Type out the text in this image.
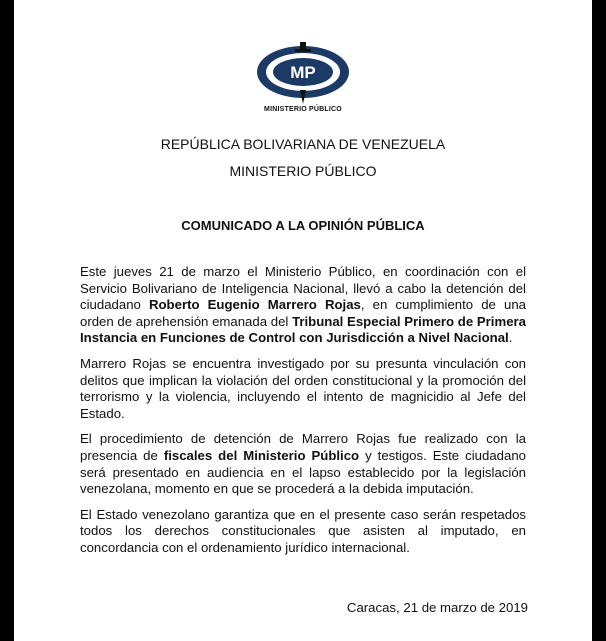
MP
MINISTERIO PÚBLICO
REPÚBLICA BOLIVARIANA DE VENEZUELA
MINISTERIO PÚBLICO
COMUNICADO A LA OPINIÓN PÚBLICA

Este jueves 21 de marzo el Ministerio Público, en coordinación con el Servicio Bolivariano de Inteligencia Nacional, llevó a cabo la detención del ciudadano Roberto Eugenio Marrero Rojas, en cumplimiento de una orden de aprehensión emanada del Tribunal Especial Primero de Primera Instancia en Funciones de Control con Jurisdicción a Nivel Nacional.

Marrero Rojas se encuentra investigado por su presunta vinculación con delitos que implican la violación del orden constitucional y la promoción del terrorismo y la violencia, incluyendo el intento de magnicidio al Jefe del Estado.

El procedimiento de detención de Marrero Rojas fue realizado con la presencia de fiscales del Ministerio Público y testigos. Este ciudadano será presentado en audiencia en el lapso establecido por la legislación venezolana, momento en que se procederá a la debida imputación.

El Estado venezolano garantiza que en el presente caso serán respetados todos los derechos constitucionales que asisten al imputado, en concordancia con el ordenamiento jurídico internacional.

Caracas, 21 de marzo de 2019
